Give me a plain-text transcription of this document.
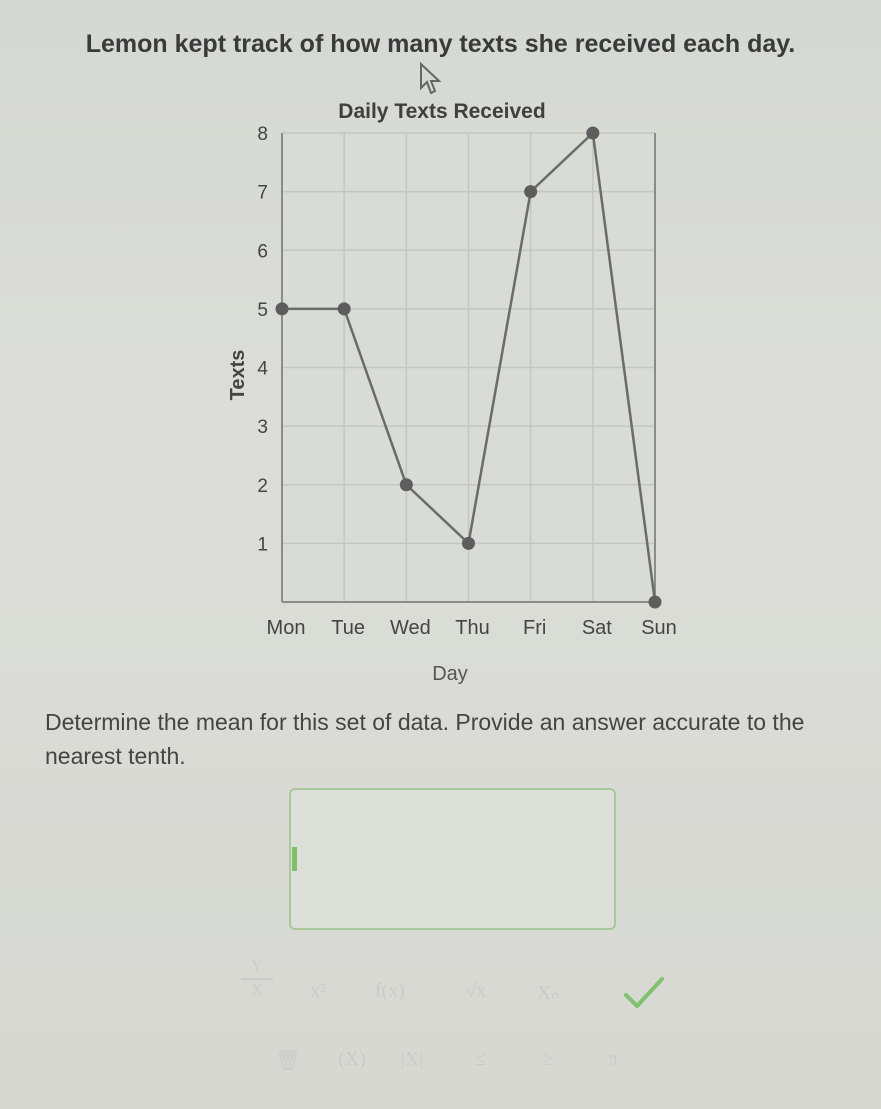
Lemon kept track of how many texts she received each day.
Daily Texts Received
1
2
3
4
5
6
7
8
Mon Tue Wed Thu Fri Sat Sun
Texts
Day
Determine the mean for this set of data. Provide an answer accurate to the nearest tenth.
Y
X	x²	f(x)	√x	Xₙ
🗑	(X)	|X|	≤	≥	π
